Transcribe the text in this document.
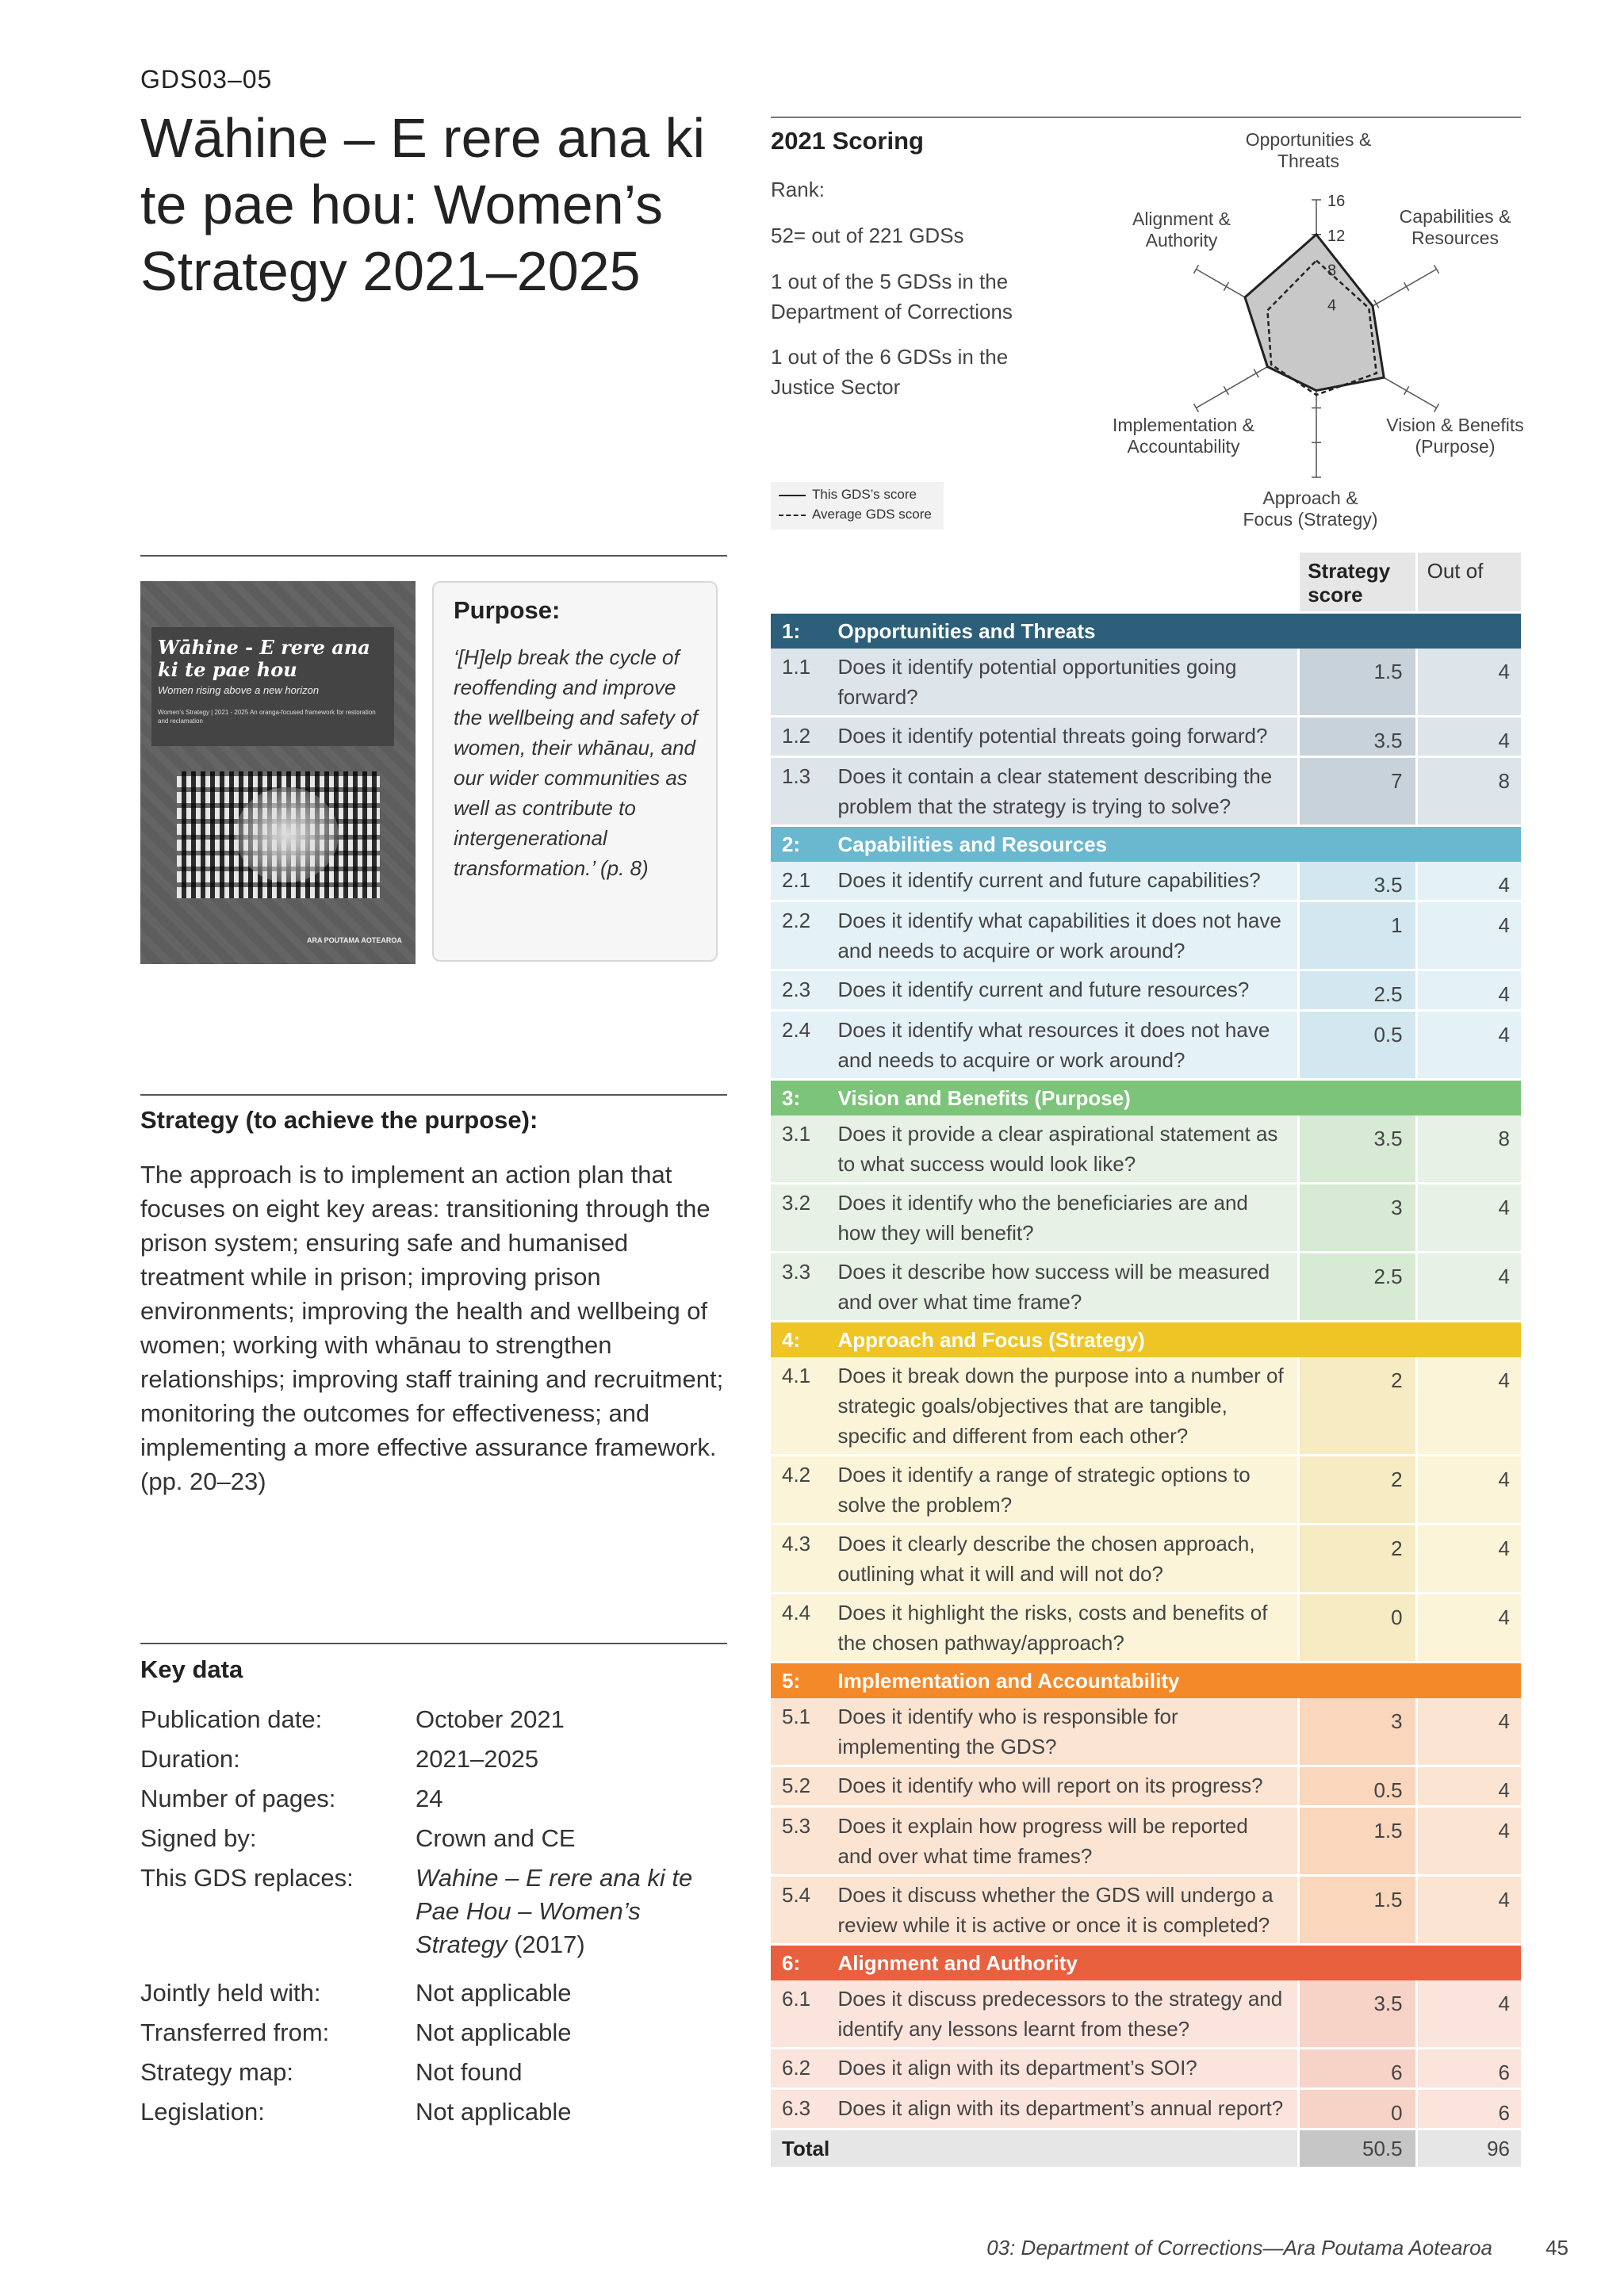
GDS03–05
Wāhine – E rere ana ki te pae hou: Women’s Strategy 2021–2025
Wāhine - E rere ana ki te pae hou
Women rising above a new horizon
Women's Strategy | 2021 - 2025 An oranga-focused framework for restoration and reclamation
ARA POUTAMA AOTEAROA
Purpose:
‘[H]elp break the cycle of reoffending and improve the wellbeing and safety of women, their whānau, and our wider communities as well as contribute to intergenerational transformation.’ (p. 8)
Strategy (to achieve the purpose):
The approach is to implement an action plan that focuses on eight key areas: transitioning through the prison system; ensuring safe and humanised treatment while in prison; improving prison environments; improving the health and wellbeing of women; working with whānau to strengthen relationships; improving staff training and recruitment; monitoring the outcomes for effectiveness; and implementing a more effective assurance framework. (pp. 20–23)
Key data
Publication date:	October 2021
Duration:	2021–2025
Number of pages:	24
Signed by:	Crown and CE
This GDS replaces:	Wahine – E rere ana ki te Pae Hou – Women’s Strategy (2017)
Jointly held with:	Not applicable
Transferred from:	Not applicable
Strategy map:	Not found
Legislation:	Not applicable
2021 Scoring
Rank:
52= out of 221 GDSs
1 out of the 5 GDSs in the Department of Corrections
1 out of the 6 GDSs in the Justice Sector
4
8
12
16
Opportunities & Threats
Capabilities & Resources
Vision & Benefits (Purpose)
Approach & Focus (Strategy)
Implementation & Accountability
Alignment & Authority
This GDS’s score
Average GDS score
		Strategy score	Out of
1:	Opportunities and Threats		
1.1	Does it identify potential opportunities going forward?	1.5	4
1.2	Does it identify potential threats going forward?	3.5	4
1.3	Does it contain a clear statement describing the problem that the strategy is trying to solve?	7	8
2:	Capabilities and Resources		
2.1	Does it identify current and future capabilities?	3.5	4
2.2	Does it identify what capabilities it does not have and needs to acquire or work around?	1	4
2.3	Does it identify current and future resources?	2.5	4
2.4	Does it identify what resources it does not have and needs to acquire or work around?	0.5	4
3:	Vision and Benefits (Purpose)		
3.1	Does it provide a clear aspirational statement as to what success would look like?	3.5	8
3.2	Does it identify who the beneficiaries are and how they will benefit?	3	4
3.3	Does it describe how success will be measured and over what time frame?	2.5	4
4:	Approach and Focus (Strategy)		
4.1	Does it break down the purpose into a number of strategic goals/objectives that are tangible, specific and different from each other?	2	4
4.2	Does it identify a range of strategic options to solve the problem?	2	4
4.3	Does it clearly describe the chosen approach, outlining what it will and will not do?	2	4
4.4	Does it highlight the risks, costs and benefits of the chosen pathway/approach?	0	4
5:	Implementation and Accountability		
5.1	Does it identify who is responsible for implementing the GDS?	3	4
5.2	Does it identify who will report on its progress?	0.5	4
5.3	Does it explain how progress will be reported and over what time frames?	1.5	4
5.4	Does it discuss whether the GDS will undergo a review while it is active or once it is completed?	1.5	4
6:	Alignment and Authority		
6.1	Does it discuss predecessors to the strategy and identify any lessons learnt from these?	3.5	4
6.2	Does it align with its department’s SOI?	6	6
6.3	Does it align with its department’s annual report?	0	6
Total		50.5	96
03: Department of Corrections—Ara Poutama Aotearoa	45
